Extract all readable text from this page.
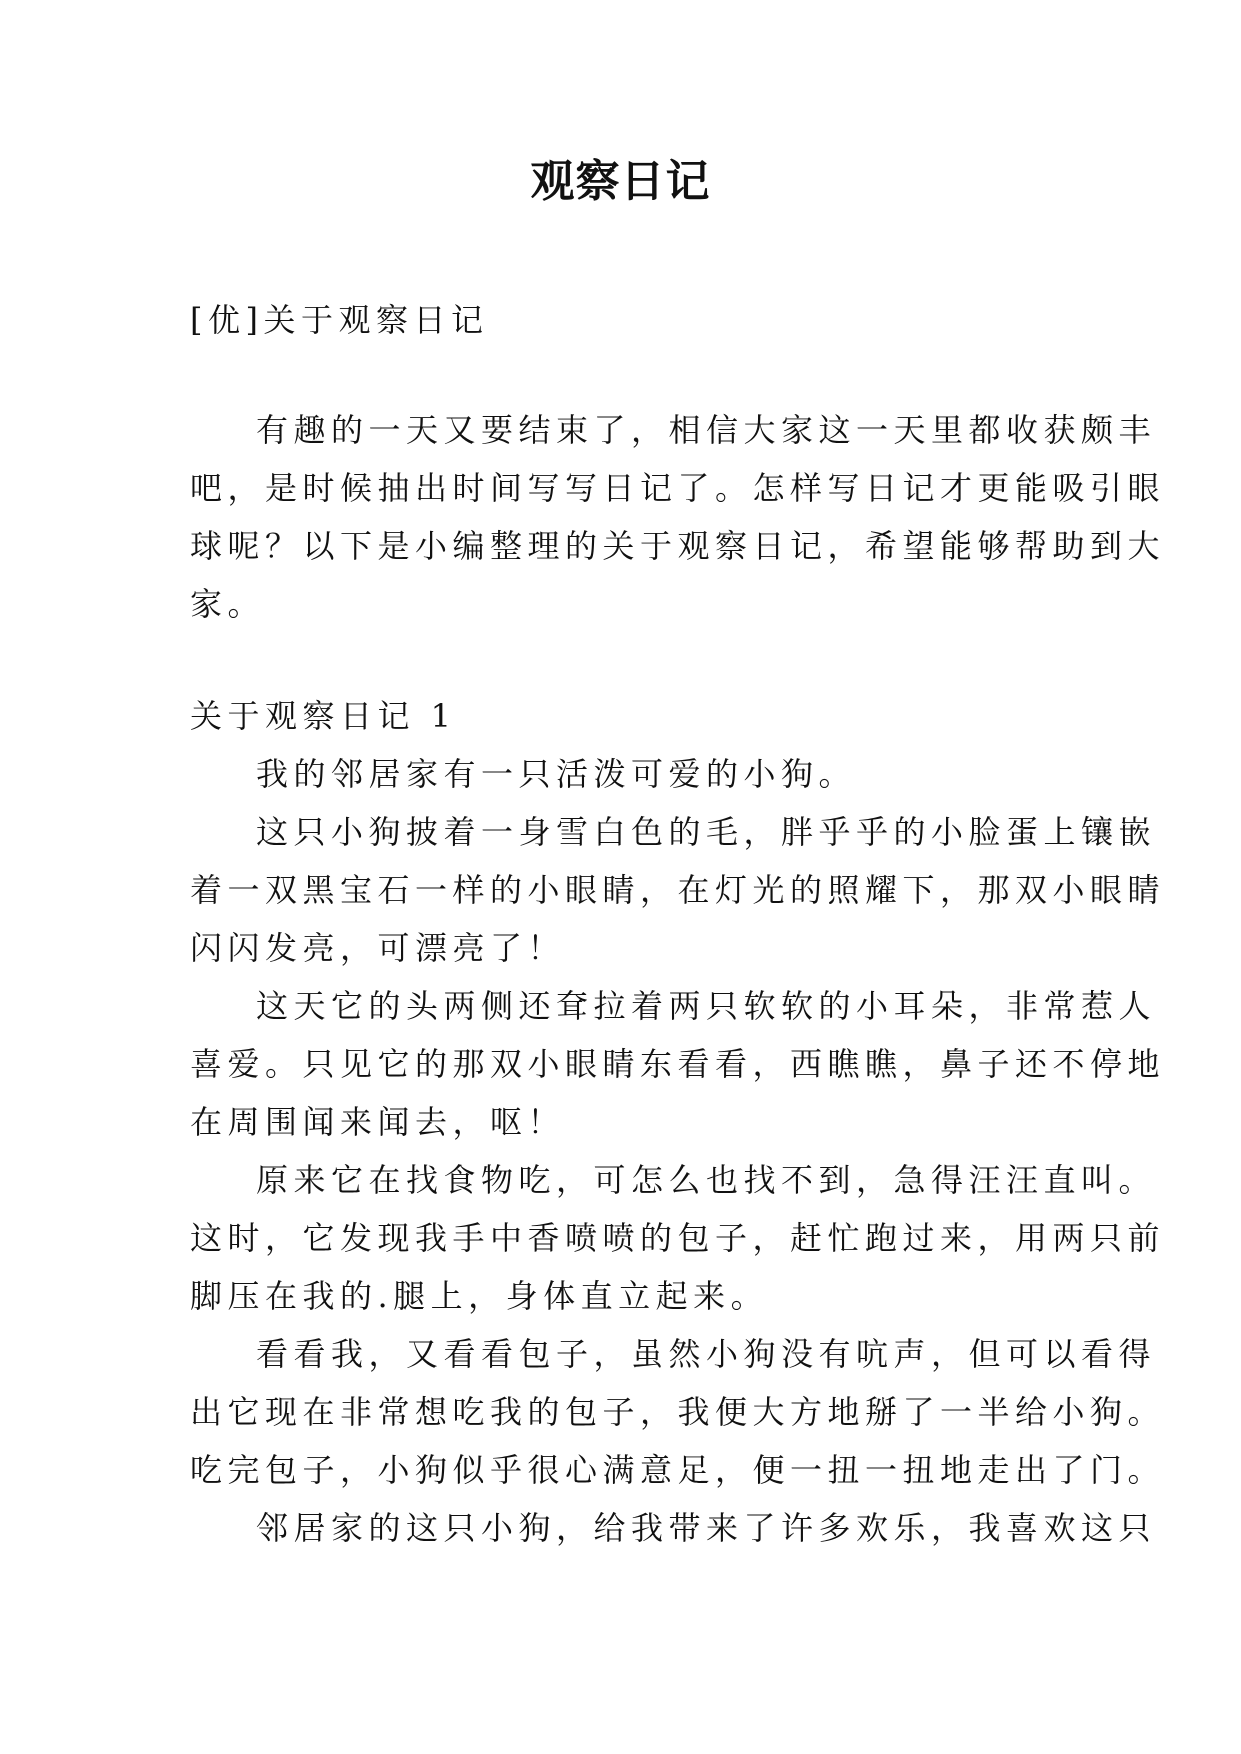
观察日记

[优]关于观察日记

有趣的一天又要结束了，相信大家这一天里都收获颇丰

吧，是时候抽出时间写写日记了。怎样写日记才更能吸引眼

球呢？以下是小编整理的关于观察日记，希望能够帮助到大

家。

关于观察日记 1

我的邻居家有一只活泼可爱的小狗。

这只小狗披着一身雪白色的毛，胖乎乎的小脸蛋上镶嵌

着一双黑宝石一样的小眼睛，在灯光的照耀下，那双小眼睛

闪闪发亮，可漂亮了！

这天它的头两侧还耷拉着两只软软的小耳朵，非常惹人

喜爱。只见它的那双小眼睛东看看，西瞧瞧，鼻子还不停地

在周围闻来闻去，呕！

原来它在找食物吃，可怎么也找不到，急得汪汪直叫。

这时，它发现我手中香喷喷的包子，赶忙跑过来，用两只前

脚压在我的.腿上，身体直立起来。

看看我，又看看包子，虽然小狗没有吭声，但可以看得

出它现在非常想吃我的包子，我便大方地掰了一半给小狗。

吃完包子，小狗似乎很心满意足，便一扭一扭地走出了门。

邻居家的这只小狗，给我带来了许多欢乐，我喜欢这只
